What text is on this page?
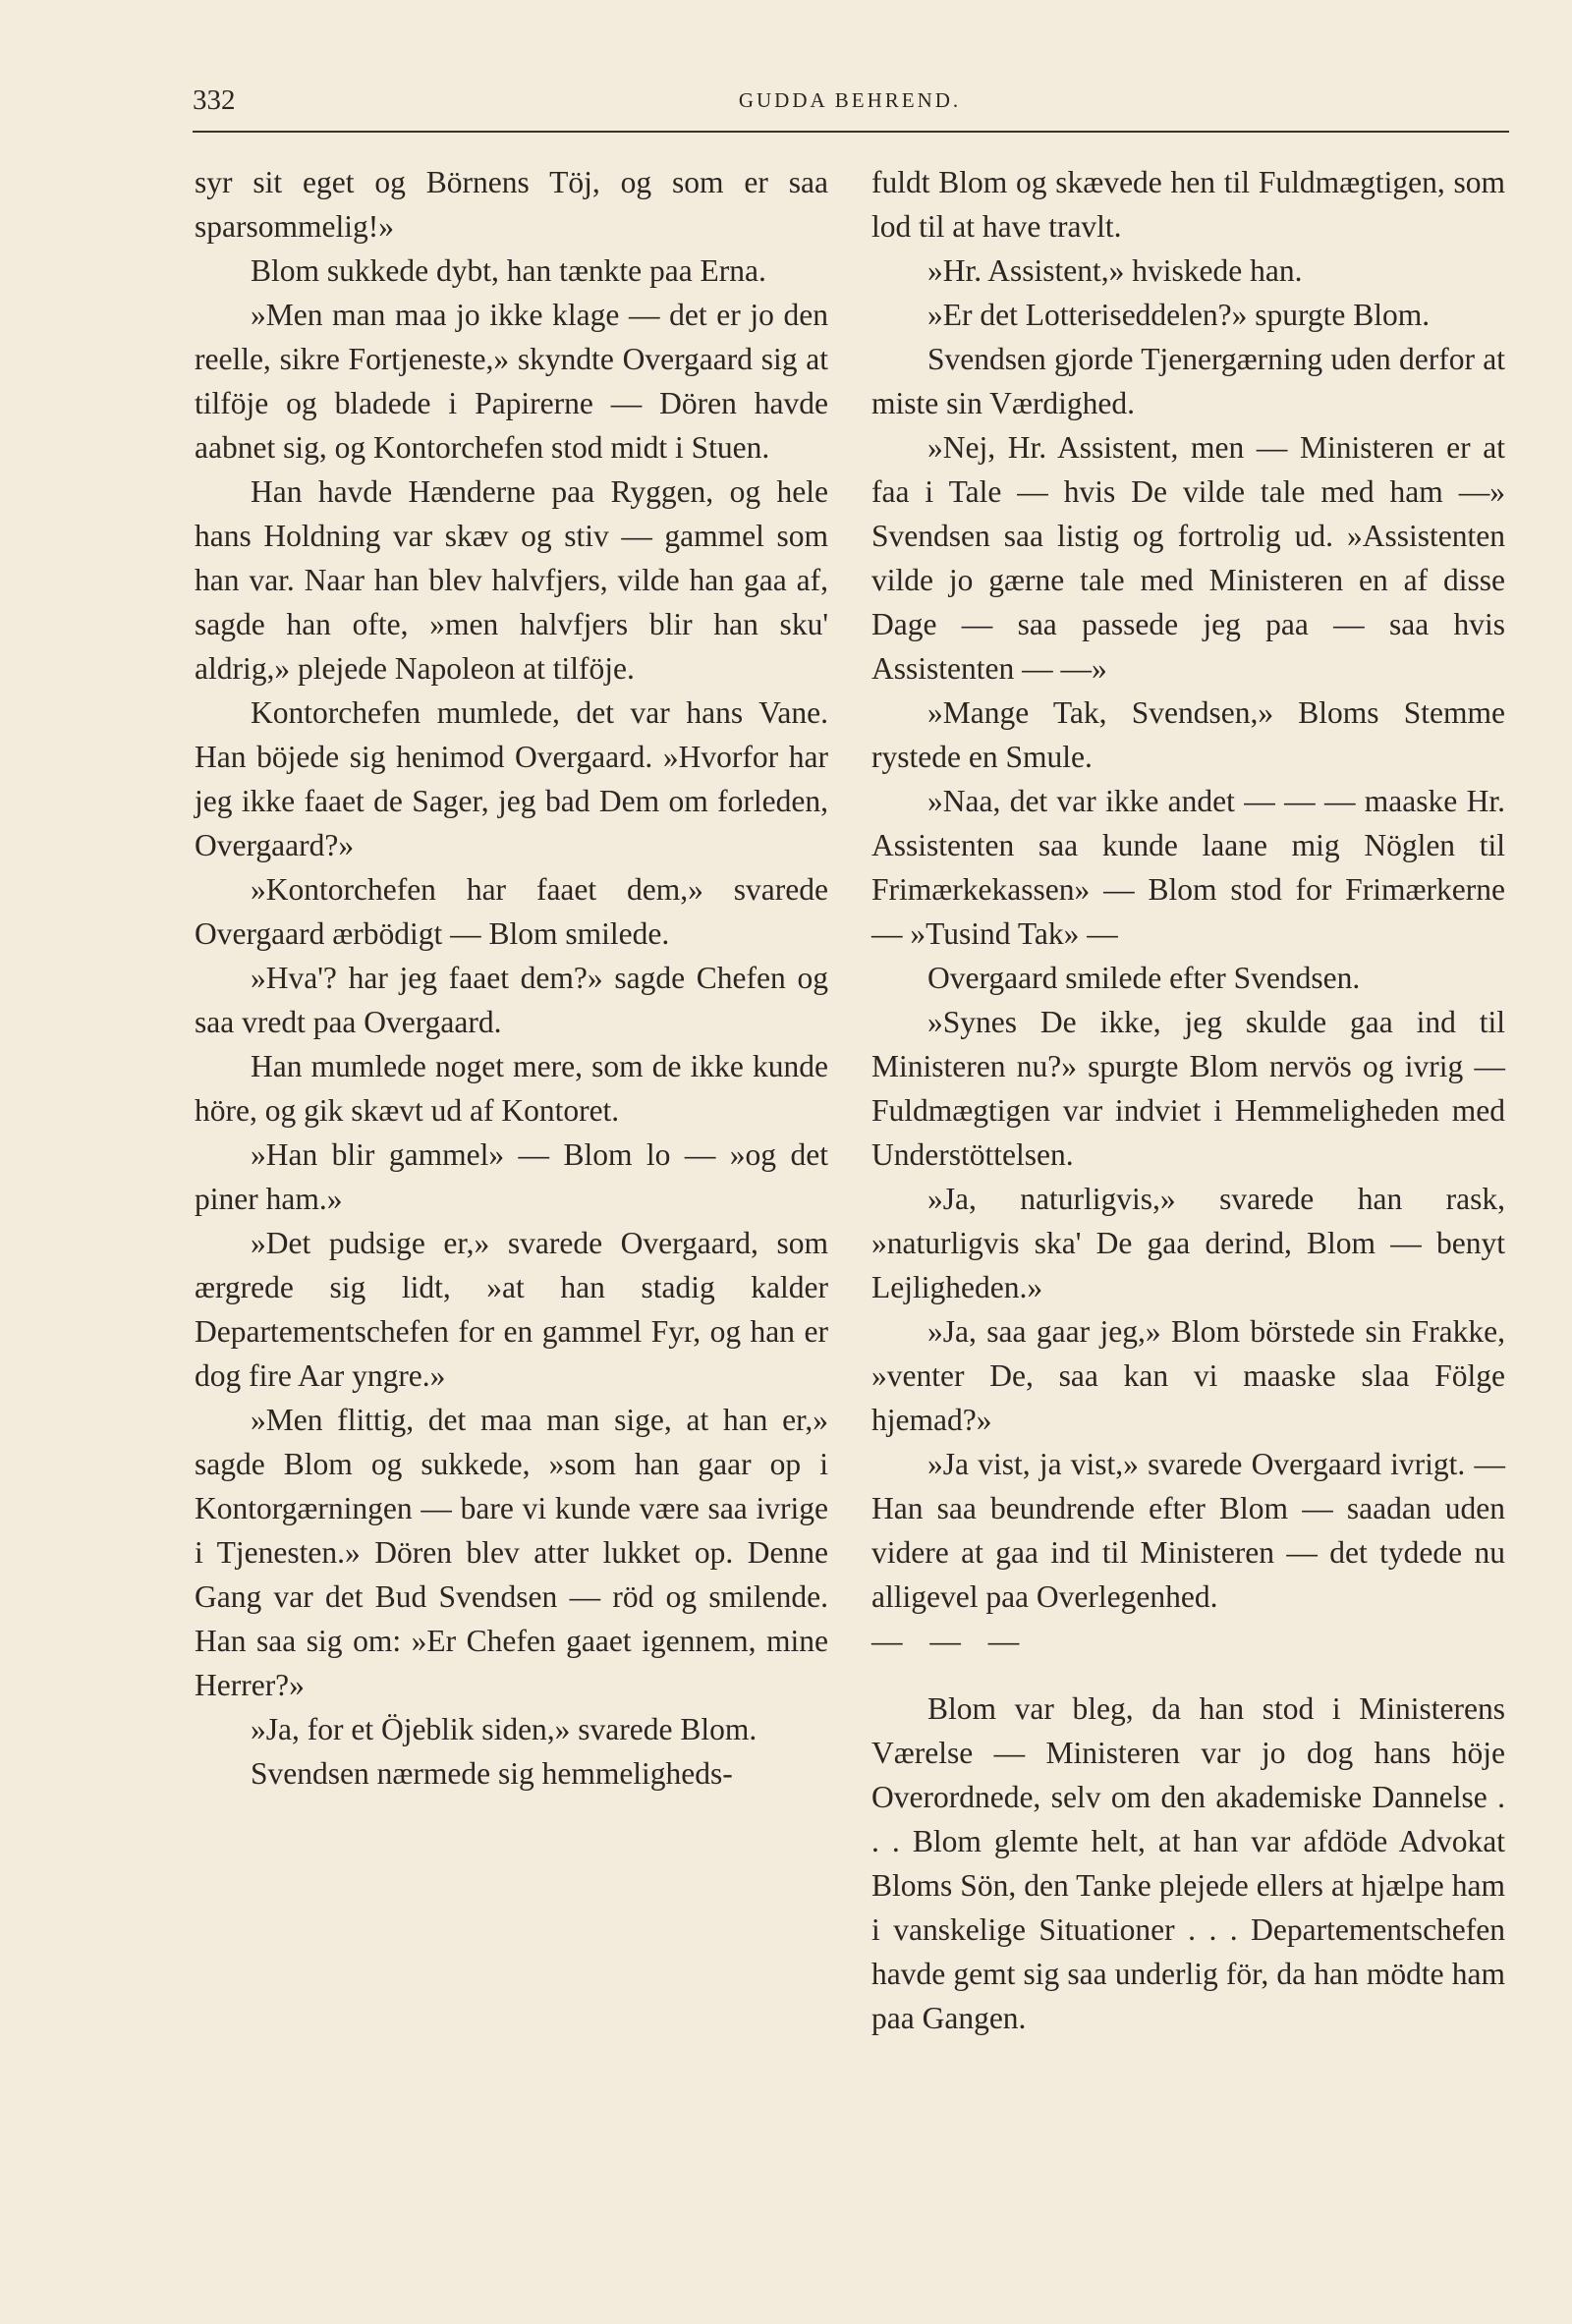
332	GUDDA BEHREND.

syr sit eget og Börnens Töj, og som er saa sparsommelig!»

Blom sukkede dybt, han tænkte paa Erna.

»Men man maa jo ikke klage — det er jo den reelle, sikre Fortjeneste,» skyndte Overgaard sig at tilföje og bladede i Papirerne — Dören havde aabnet sig, og Kontorchefen stod midt i Stuen.

Han havde Hænderne paa Ryggen, og hele hans Holdning var skæv og stiv — gammel som han var. Naar han blev halvfjers, vilde han gaa af, sagde han ofte, »men halvfjers blir han sku' aldrig,» plejede Napoleon at tilföje.

Kontorchefen mumlede, det var hans Vane. Han böjede sig henimod Overgaard. »Hvorfor har jeg ikke faaet de Sager, jeg bad Dem om forleden, Overgaard?»

»Kontorchefen har faaet dem,» svarede Overgaard ærbödigt — Blom smilede.

»Hva'? har jeg faaet dem?» sagde Chefen og saa vredt paa Overgaard.

Han mumlede noget mere, som de ikke kunde höre, og gik skævt ud af Kontoret.

»Han blir gammel» — Blom lo — »og det piner ham.»

»Det pudsige er,» svarede Overgaard, som ærgrede sig lidt, »at han stadig kalder Departementschefen for en gammel Fyr, og han er dog fire Aar yngre.»

»Men flittig, det maa man sige, at han er,» sagde Blom og sukkede, »som han gaar op i Kontorgærningen — bare vi kunde være saa ivrige i Tjenesten.» Dören blev atter lukket op. Denne Gang var det Bud Svendsen — röd og smilende. Han saa sig om: »Er Chefen gaaet igennem, mine Herrer?»

»Ja, for et Öjeblik siden,» svarede Blom.

Svendsen nærmede sig hemmeligheds-

fuldt Blom og skævede hen til Fuldmægtigen, som lod til at have travlt.

»Hr. Assistent,» hviskede han.

»Er det Lotteriseddelen?» spurgte Blom.

Svendsen gjorde Tjenergærning uden derfor at miste sin Værdighed.

»Nej, Hr. Assistent, men — Ministeren er at faa i Tale — hvis De vilde tale med ham —» Svendsen saa listig og fortrolig ud. »Assistenten vilde jo gærne tale med Ministeren en af disse Dage — saa passede jeg paa — saa hvis Assistenten — —»

»Mange Tak, Svendsen,» Bloms Stemme rystede en Smule.

»Naa, det var ikke andet — — — maaske Hr. Assistenten saa kunde laane mig Nöglen til Frimærkekassen» — Blom stod for Frimærkerne — »Tusind Tak» —

Overgaard smilede efter Svendsen.

»Synes De ikke, jeg skulde gaa ind til Ministeren nu?» spurgte Blom nervös og ivrig — Fuldmægtigen var indviet i Hemmeligheden med Understöttelsen.

»Ja, naturligvis,» svarede han rask, »naturligvis ska' De gaa derind, Blom — benyt Lejligheden.»

»Ja, saa gaar jeg,» Blom börstede sin Frakke, »venter De, saa kan vi maaske slaa Fölge hjemad?»

»Ja vist, ja vist,» svarede Overgaard ivrigt. — Han saa beundrende efter Blom — saadan uden videre at gaa ind til Ministeren — det tydede nu alligevel paa Overlegenhed.

— — —

Blom var bleg, da han stod i Ministerens Værelse — Ministeren var jo dog hans höje Overordnede, selv om den akademiske Dannelse . . . Blom glemte helt, at han var afdöde Advokat Bloms Sön, den Tanke plejede ellers at hjælpe ham i vanskelige Situationer . . . Departementschefen havde gemt sig saa underlig för, da han mödte ham paa Gangen.
